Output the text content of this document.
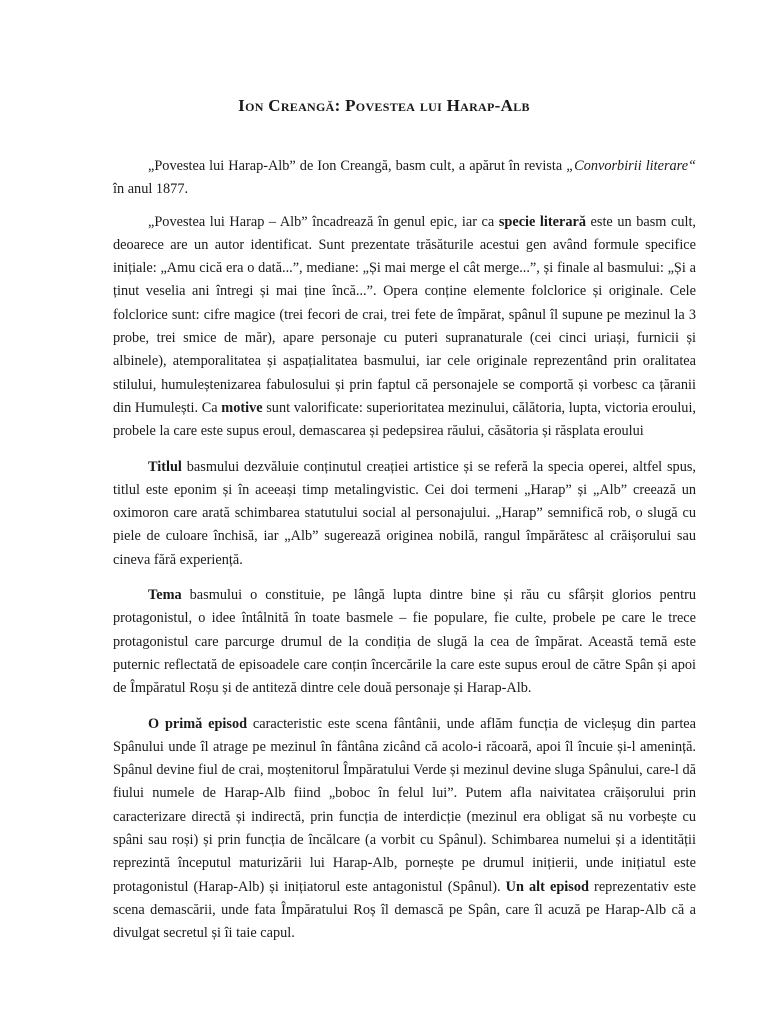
Ion Creangă: Povestea lui Harap-Alb

„Povestea lui Harap-Alb” de Ion Creangă, basm cult, a apărut în revista „Convorbirii literare“ în anul 1877.

„Povestea lui Harap – Alb” încadrează în genul epic, iar ca specie literară este un basm cult, deoarece are un autor identificat. Sunt prezentate trăsăturile acestui gen având formule specifice inițiale: „Amu cică era o dată...”, mediane: „Și mai merge el cât merge...”, și finale al basmului: „Și a ținut veselia ani întregi și mai ține încă...”. Opera conține elemente folclorice și originale. Cele folclorice sunt: cifre magice (trei fecori de crai, trei fete de împărat, spânul îl supune pe mezinul la 3 probe, trei smice de măr), apare personaje cu puteri supranaturale (cei cinci uriași, furnicii și albinele), atemporalitatea și aspațialitatea basmului, iar cele originale reprezentând prin oralitatea stilului, humuleștenizarea fabulosului și prin faptul că personajele se comportă și vorbesc ca țăranii din Humulești. Ca motive sunt valorificate: superioritatea mezinului, călătoria, lupta, victoria eroului, probele la care este supus eroul, demascarea și pedepsirea răului, căsătoria și răsplata eroului

Titlul basmului dezvăluie conținutul creației artistice și se referă la specia operei, altfel spus, titlul este eponim și în aceeași timp metalingvistic. Cei doi termeni „Harap” și „Alb” creează un oximoron care arată schimbarea statutului social al personajului. „Harap” semnifică rob, o slugă cu piele de culoare închisă, iar „Alb” sugerează originea nobilă, rangul împărătesc al crăișorului sau cineva fără experiență.

Tema basmului o constituie, pe lângă lupta dintre bine și rău cu sfârșit glorios pentru protagonistul, o idee întâlnită în toate basmele – fie populare, fie culte, probele pe care le trece protagonistul care parcurge drumul de la condiția de slugă la cea de împărat. Această temă este puternic reflectată de episoadele care conțin încercările la care este supus eroul de către Spân și apoi de Împăratul Roșu și de antiteză dintre cele două personaje și Harap-Alb.

O primă episod caracteristic este scena fântânii, unde aflăm funcția de vicleșug din partea Spânului unde îl atrage pe mezinul în fântâna zicând că acolo-i răcoară, apoi îl încuie și-l amenință. Spânul devine fiul de crai, moștenitorul Împăratului Verde și mezinul devine sluga Spânului, care-l dă fiului numele de Harap-Alb fiind „boboc în felul lui”. Putem afla naivitatea crăișorului prin caracterizare directă și indirectă, prin funcția de interdicție (mezinul era obligat să nu vorbește cu spâni sau roși) și prin funcția de încălcare (a vorbit cu Spânul). Schimbarea numelui și a identității reprezintă începutul maturizării lui Harap-Alb, pornește pe drumul inițierii, unde inițiatul este protagonistul (Harap-Alb) și inițiatorul este antagonistul (Spânul). Un alt episod reprezentativ este scena demascării, unde fata Împăratului Roș îl demască pe Spân, care îl acuză pe Harap-Alb că a divulgat secretul și îi taie capul.
